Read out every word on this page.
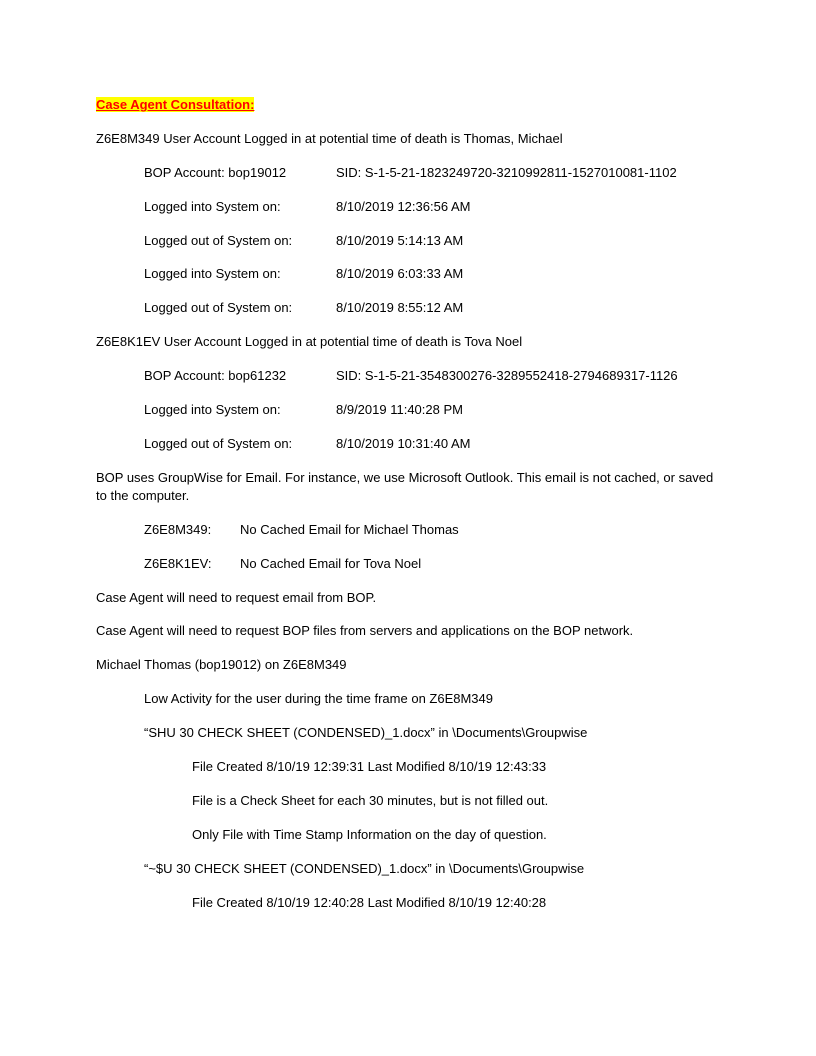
Case Agent Consultation:
Z6E8M349 User Account Logged in at potential time of death is Thomas, Michael
BOP Account: bop19012	SID: S-1-5-21-1823249720-3210992811-1527010081-1102
Logged into System on:	8/10/2019 12:36:56 AM
Logged out of System on:	8/10/2019 5:14:13 AM
Logged into System on:	8/10/2019 6:03:33 AM
Logged out of System on:	8/10/2019 8:55:12 AM
Z6E8K1EV User Account Logged in at potential time of death is Tova Noel
BOP Account: bop61232	SID: S-1-5-21-3548300276-3289552418-2794689317-1126
Logged into System on:	8/9/2019 11:40:28 PM
Logged out of System on:	8/10/2019 10:31:40 AM
BOP uses GroupWise for Email. For instance, we use Microsoft Outlook. This email is not cached, or saved to the computer.
Z6E8M349: No Cached Email for Michael Thomas
Z6E8K1EV: No Cached Email for Tova Noel
Case Agent will need to request email from BOP.
Case Agent will need to request BOP files from servers and applications on the BOP network.
Michael Thomas (bop19012) on Z6E8M349
Low Activity for the user during the time frame on Z6E8M349
“SHU 30 CHECK SHEET (CONDENSED)_1.docx” in \Documents\Groupwise
File Created 8/10/19 12:39:31 Last Modified 8/10/19 12:43:33
File is a Check Sheet for each 30 minutes, but is not filled out.
Only File with Time Stamp Information on the day of question.
“~$U 30 CHECK SHEET (CONDENSED)_1.docx” in \Documents\Groupwise
File Created 8/10/19 12:40:28 Last Modified 8/10/19 12:40:28
